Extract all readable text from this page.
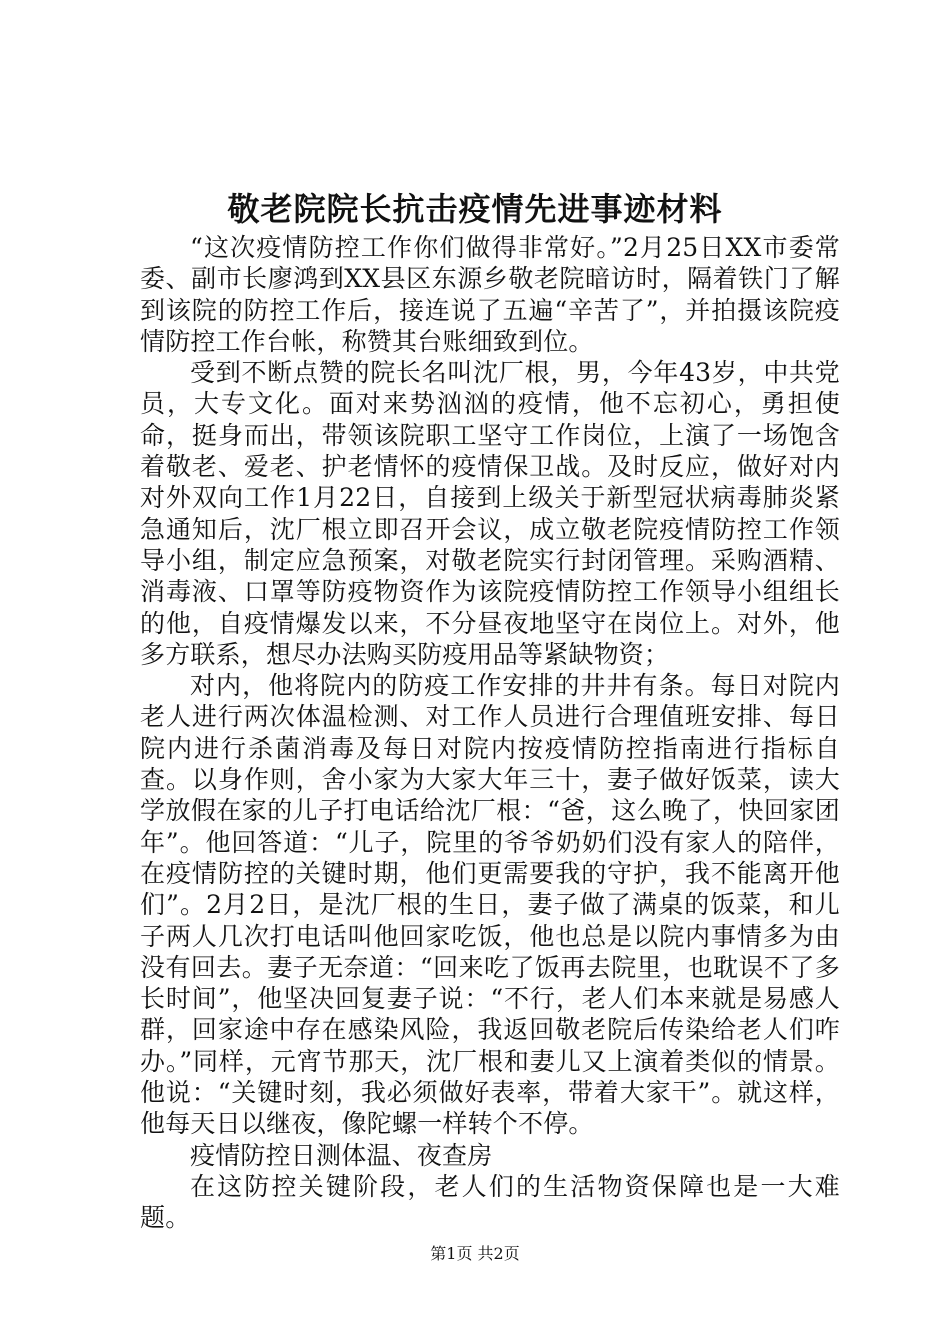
敬老院院长抗击疫情先进事迹材料

“这次疫情防控工作你们做得非常好。”2月25日XX市委常委、副市长廖鸿到XX县区东源乡敬老院暗访时，隔着铁门了解到该院的防控工作后，接连说了五遍“辛苦了”，并拍摄该院疫情防控工作台帐，称赞其台账细致到位。

受到不断点赞的院长名叫沈厂根，男，今年43岁，中共党员，大专文化。面对来势汹汹的疫情，他不忘初心，勇担使命，挺身而出，带领该院职工坚守工作岗位，上演了一场饱含着敬老、爱老、护老情怀的疫情保卫战。及时反应，做好对内对外双向工作1月22日，自接到上级关于新型冠状病毒肺炎紧急通知后，沈厂根立即召开会议，成立敬老院疫情防控工作领导小组，制定应急预案，对敬老院实行封闭管理。采购酒精、消毒液、口罩等防疫物资作为该院疫情防控工作领导小组组长的他，自疫情爆发以来，不分昼夜地坚守在岗位上。对外，他多方联系，想尽办法购买防疫用品等紧缺物资；

对内，他将院内的防疫工作安排的井井有条。每日对院内老人进行两次体温检测、对工作人员进行合理值班安排、每日院内进行杀菌消毒及每日对院内按疫情防控指南进行指标自查。以身作则，舍小家为大家大年三十，妻子做好饭菜，读大学放假在家的儿子打电话给沈厂根：“爸，这么晚了，快回家团年”。他回答道：“儿子，院里的爷爷奶奶们没有家人的陪伴，在疫情防控的关键时期，他们更需要我的守护，我不能离开他们”。2月2日，是沈厂根的生日，妻子做了满桌的饭菜，和儿子两人几次打电话叫他回家吃饭，他也总是以院内事情多为由没有回去。妻子无奈道：“回来吃了饭再去院里，也耽误不了多长时间”，他坚决回复妻子说：“不行，老人们本来就是易感人群，回家途中存在感染风险，我返回敬老院后传染给老人们咋办。”同样，元宵节那天，沈厂根和妻儿又上演着类似的情景。他说：“关键时刻，我必须做好表率，带着大家干”。就这样，他每天日以继夜，像陀螺一样转个不停。

疫情防控日测体温、夜查房

在这防控关键阶段，老人们的生活物资保障也是一大难题。

第1页 共2页
